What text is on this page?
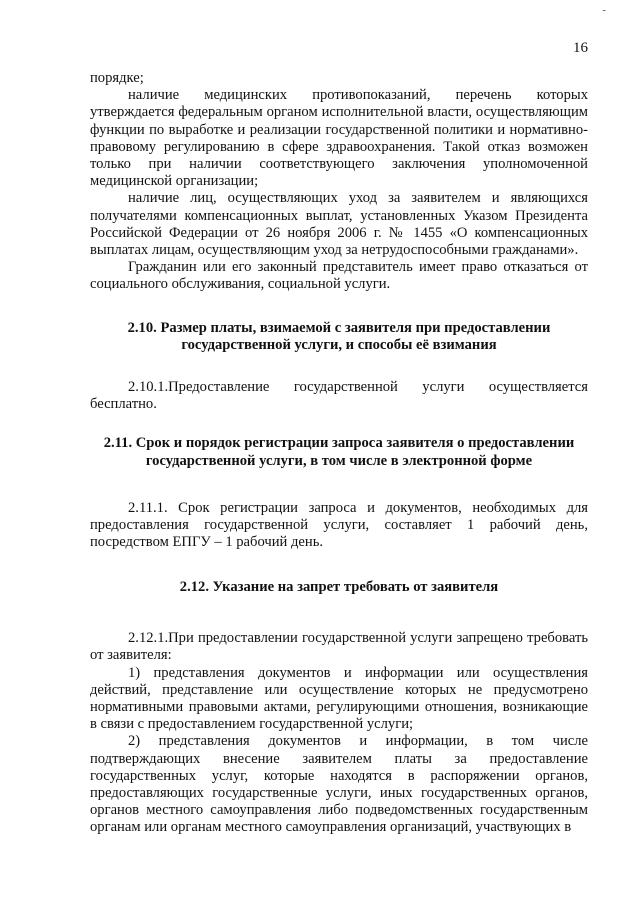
-
16

порядке;

наличие медицинских противопоказаний, перечень которых утверждается федеральным органом исполнительной власти, осуществляющим функции по выработке и реализации государственной политики и нормативно-правовому регулированию в сфере здравоохранения. Такой отказ возможен только при наличии соответствующего заключения уполномоченной медицинской организации;

наличие лиц, осуществляющих уход за заявителем и являющихся получателями компенсационных выплат, установленных Указом Президента Российской Федерации от 26 ноября 2006 г. № 1455 «О компенсационных выплатах лицам, осуществляющим уход за нетрудоспособными гражданами».

Гражданин или его законный представитель имеет право отказаться от социального обслуживания, социальной услуги.

2.10. Размер платы, взимаемой с заявителя при предоставлении государственной услуги, и способы её взимания

2.10.1.Предоставление государственной услуги осуществляется бесплатно.

2.11. Срок и порядок регистрации запроса заявителя о предоставлении государственной услуги, в том числе в электронной форме

2.11.1. Срок регистрации запроса и документов, необходимых для предоставления государственной услуги, составляет 1 рабочий день, посредством ЕПГУ – 1 рабочий день.

2.12. Указание на запрет требовать от заявителя

2.12.1.При предоставлении государственной услуги запрещено требовать от заявителя:

1) представления документов и информации или осуществления действий, представление или осуществление которых не предусмотрено нормативными правовыми актами, регулирующими отношения, возникающие в связи с предоставлением государственной услуги;

2) представления документов и информации, в том числе подтверждающих внесение заявителем платы за предоставление государственных услуг, которые находятся в распоряжении органов, предоставляющих государственные услуги, иных государственных органов, органов местного самоуправления либо подведомственных государственным органам или органам местного самоуправления организаций, участвующих в
